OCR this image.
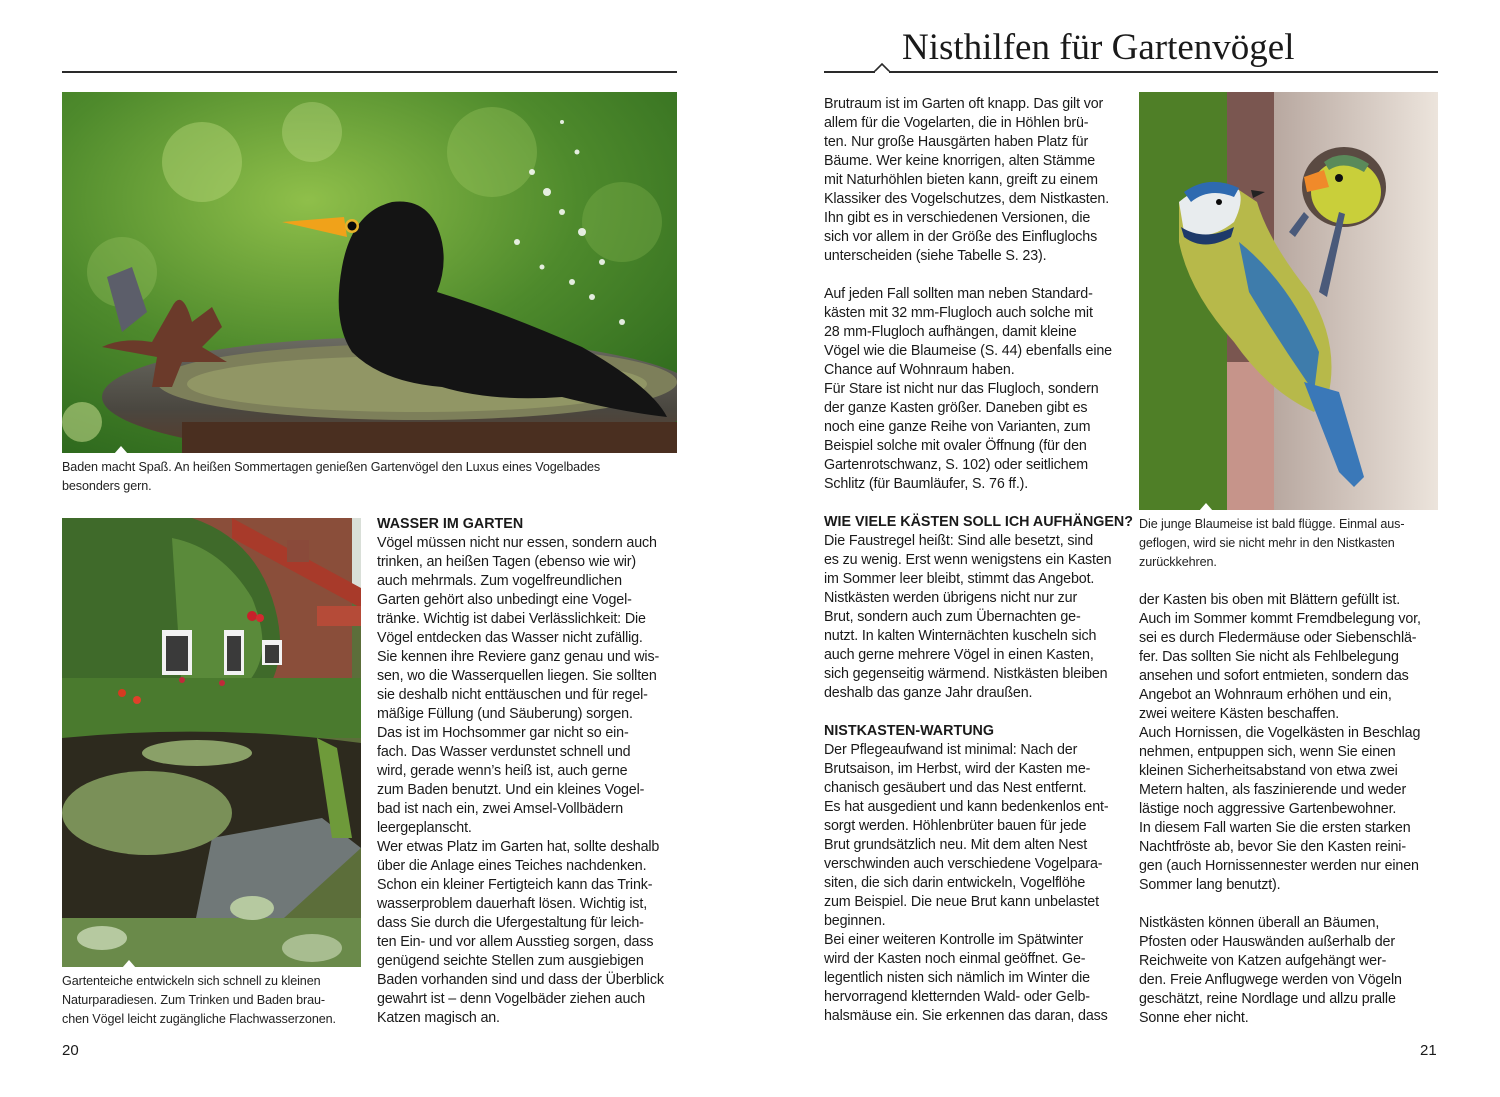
Baden macht Spaß. An heißen Sommertagen genießen Gartenvögel den Luxus eines Vogelbades
besonders gern.
Gartenteiche entwickeln sich schnell zu kleinen
Naturparadiesen. Zum Trinken und Baden brau-
chen Vögel leicht zugängliche Flachwasserzonen.
WASSER IM GARTEN
Vögel müssen nicht nur essen, sondern auch
trinken, an heißen Tagen (ebenso wie wir)
auch mehrmals. Zum vogelfreundlichen
Garten gehört also unbedingt eine Vogel-
tränke. Wichtig ist dabei Verlässlichkeit: Die
Vögel entdecken das Wasser nicht zufällig.
Sie kennen ihre Reviere ganz genau und wis-
sen, wo die Wasserquellen liegen. Sie sollten
sie deshalb nicht enttäuschen und für regel-
mäßige Füllung (und Säuberung) sorgen.
Das ist im Hochsommer gar nicht so ein-
fach. Das Wasser verdunstet schnell und
wird, gerade wenn’s heiß ist, auch gerne
zum Baden benutzt. Und ein kleines Vogel-
bad ist nach ein, zwei Amsel-Vollbädern
leergeplanscht.
Wer etwas Platz im Garten hat, sollte deshalb
über die Anlage eines Teiches nachdenken.
Schon ein kleiner Fertigteich kann das Trink-
wasserproblem dauerhaft lösen. Wichtig ist,
dass Sie durch die Ufergestaltung für leich-
ten Ein- und vor allem Ausstieg sorgen, dass
genügend seichte Stellen zum ausgiebigen
Baden vorhanden sind und dass der Überblick
gewahrt ist – denn Vogelbäder ziehen auch
Katzen magisch an.
20
Nisthilfen für Gartenvögel
Brutraum ist im Garten oft knapp. Das gilt vor
allem für die Vogelarten, die in Höhlen brü-
ten. Nur große Hausgärten haben Platz für
Bäume. Wer keine knorrigen, alten Stämme
mit Naturhöhlen bieten kann, greift zu einem
Klassiker des Vogelschutzes, dem Nistkasten.
Ihn gibt es in verschiedenen Versionen, die
sich vor allem in der Größe des Einfluglochs
unterscheiden (siehe Tabelle S. 23).
Auf jeden Fall sollten man neben Standard-
kästen mit 32 mm-Flugloch auch solche mit
28 mm-Flugloch aufhängen, damit kleine
Vögel wie die Blaumeise (S. 44) ebenfalls eine
Chance auf Wohnraum haben.
Für Stare ist nicht nur das Flugloch, sondern
der ganze Kasten größer. Daneben gibt es
noch eine ganze Reihe von Varianten, zum
Beispiel solche mit ovaler Öffnung (für den
Gartenrotschwanz, S. 102) oder seitlichem
Schlitz (für Baumläufer, S. 76 ff.).
WIE VIELE KÄSTEN SOLL ICH AUFHÄNGEN?
Die Faustregel heißt: Sind alle besetzt, sind
es zu wenig. Erst wenn wenigstens ein Kasten
im Sommer leer bleibt, stimmt das Angebot.
Nistkästen werden übrigens nicht nur zur
Brut, sondern auch zum Übernachten ge-
nutzt. In kalten Winternächten kuscheln sich
auch gerne mehrere Vögel in einen Kasten,
sich gegenseitig wärmend. Nistkästen bleiben
deshalb das ganze Jahr draußen.
NISTKASTEN-WARTUNG
Der Pflegeaufwand ist minimal: Nach der
Brutsaison, im Herbst, wird der Kasten me-
chanisch gesäubert und das Nest entfernt.
Es hat ausgedient und kann bedenkenlos ent-
sorgt werden. Höhlenbrüter bauen für jede
Brut grundsätzlich neu. Mit dem alten Nest
verschwinden auch verschiedene Vogelpara-
siten, die sich darin entwickeln, Vogelflöhe
zum Beispiel. Die neue Brut kann unbelastet
beginnen.
Bei einer weiteren Kontrolle im Spätwinter
wird der Kasten noch einmal geöffnet. Ge-
legentlich nisten sich nämlich im Winter die
hervorragend kletternden Wald- oder Gelb-
halsmäuse ein. Sie erkennen das daran, dass
Die junge Blaumeise ist bald flügge. Einmal aus-
geflogen, wird sie nicht mehr in den Nistkasten
zurückkehren.
der Kasten bis oben mit Blättern gefüllt ist.
Auch im Sommer kommt Fremdbelegung vor,
sei es durch Fledermäuse oder Siebenschlä-
fer. Das sollten Sie nicht als Fehlbelegung
ansehen und sofort entmieten, sondern das
Angebot an Wohnraum erhöhen und ein,
zwei weitere Kästen beschaffen.
Auch Hornissen, die Vogelkästen in Beschlag
nehmen, entpuppen sich, wenn Sie einen
kleinen Sicherheitsabstand von etwa zwei
Metern halten, als faszinierende und weder
lästige noch aggressive Gartenbewohner.
In diesem Fall warten Sie die ersten starken
Nachtfröste ab, bevor Sie den Kasten reini-
gen (auch Hornissennester werden nur einen
Sommer lang benutzt).
Nistkästen können überall an Bäumen,
Pfosten oder Hauswänden außerhalb der
Reichweite von Katzen aufgehängt wer-
den. Freie Anflugwege werden von Vögeln
geschätzt, reine Nordlage und allzu pralle
Sonne eher nicht.
21
